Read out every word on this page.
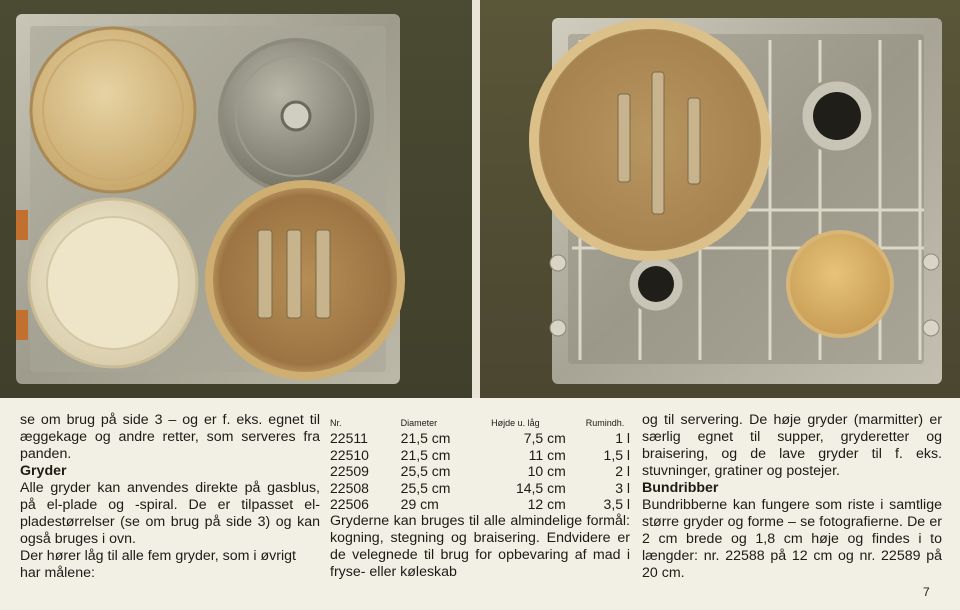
se om brug på side 3 – og er f. eks. egnet til æggekage og andre retter, som serveres fra panden.

Gryder

Alle gryder kan anvendes direkte på gasblus, på el-plade og -spiral. De er tilpasset el-pladestørrelser (se om brug på side 3) og kan også bruges i ovn.

Der hører låg til alle fem gryder, som i øvrigt har målene:

Nr.	Diameter	Højde u. låg	Rumindh.
22511	21,5 cm	7,5 cm	1 l
22510	21,5 cm	11 cm	1,5 l
22509	25,5 cm	10 cm	2 l
22508	25,5 cm	14,5 cm	3 l
22506	29 cm	12 cm	3,5 l

Gryderne kan bruges til alle almindelige formål: kogning, stegning og braisering. Endvidere er de velegnede til brug for opbevaring af mad i fryse- eller køleskab

og til servering. De høje gryder (marmitter) er særlig egnet til supper, gryderetter og braisering, og de lave gryder til f. eks. stuvninger, gratiner og postejer.

Bundribber

Bundribberne kan fungere som riste i samtlige større gryder og forme – se fotografierne. De er 2 cm brede og 1,8 cm høje og findes i to længder: nr. 22588 på 12 cm og nr. 22589 på 20 cm.

7
